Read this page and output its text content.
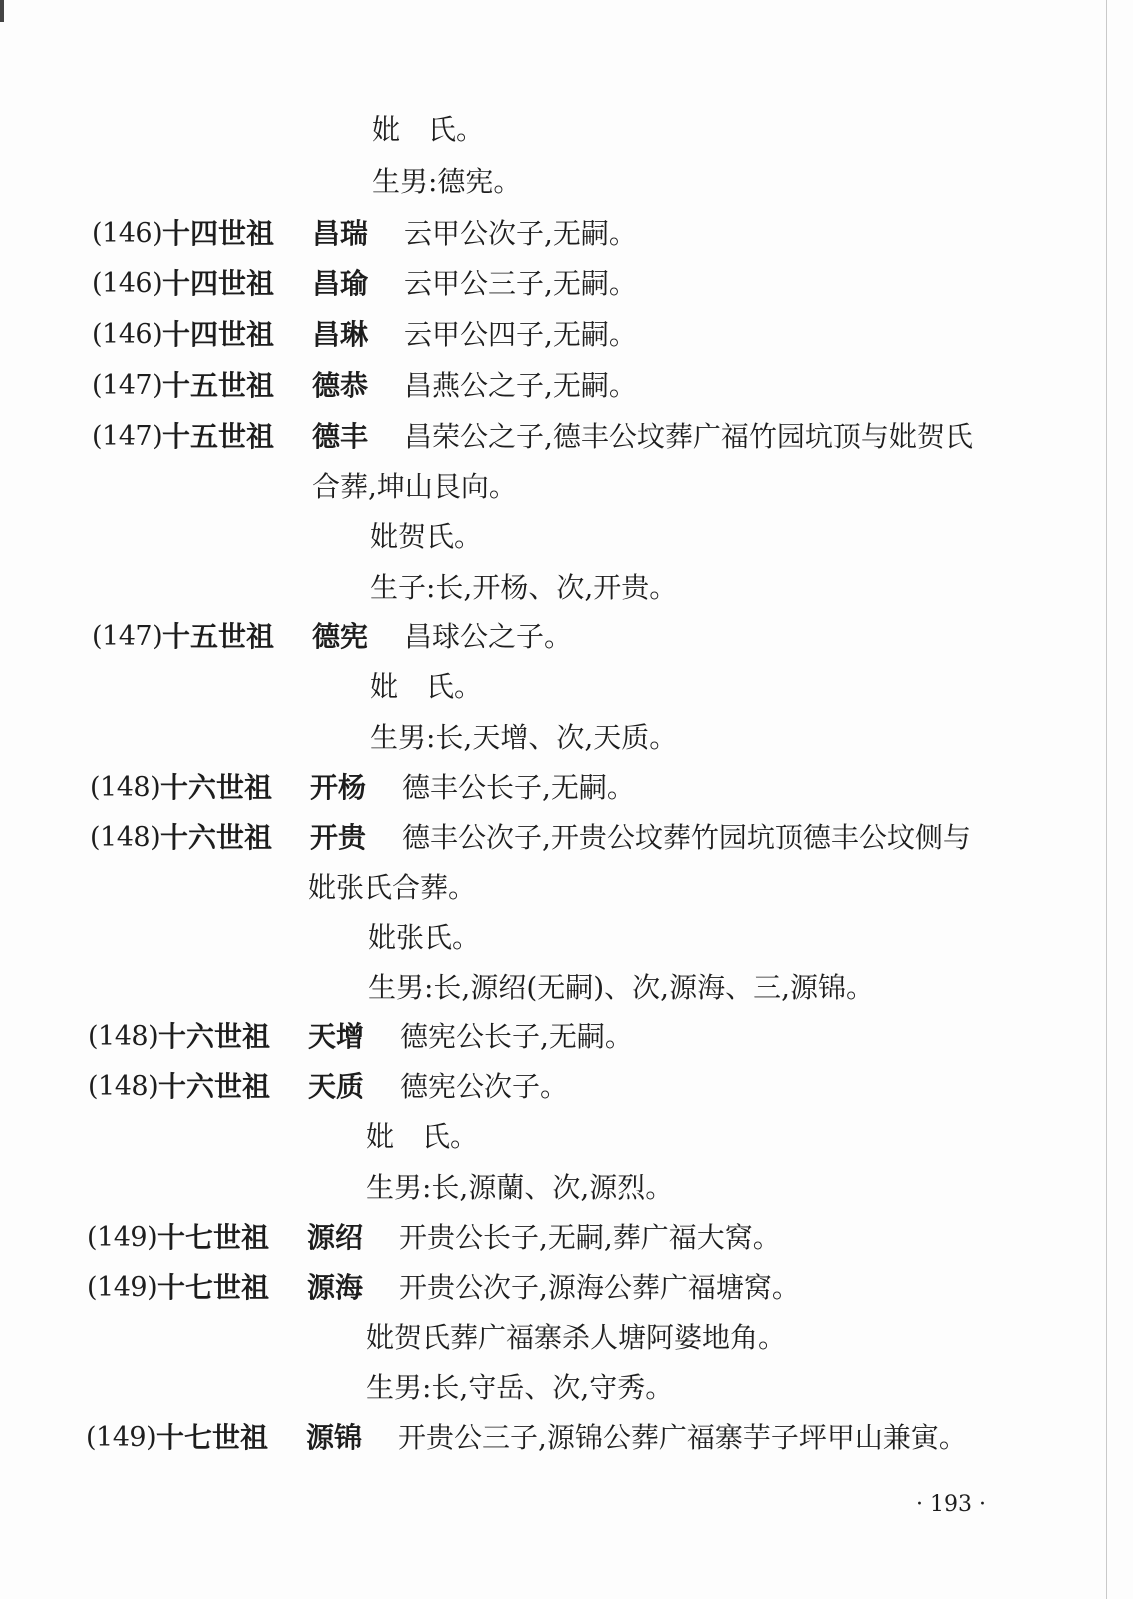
妣　氏。
生男:德宪。
(146) 十四世祖 昌瑞 云甲公次子,无嗣。
(146) 十四世祖 昌瑜 云甲公三子,无嗣。
(146) 十四世祖 昌琳 云甲公四子,无嗣。
(147) 十五世祖 德恭 昌燕公之子,无嗣。
(147) 十五世祖 德丰 昌荣公之子,德丰公坟葬广福竹园坑顶与妣贺氏
合葬,坤山艮向。
妣贺氏。
生子:长,开杨、次,开贵。
(147) 十五世祖 德宪 昌球公之子。
妣　氏。
生男:长,天增、次,天质。
(148) 十六世祖 开杨 德丰公长子,无嗣。
(148) 十六世祖 开贵 德丰公次子,开贵公坟葬竹园坑顶德丰公坟侧与
妣张氏合葬。
妣张氏。
生男:长,源绍(无嗣)、次,源海、三,源锦。
(148) 十六世祖 天增 德宪公长子,无嗣。
(148) 十六世祖 天质 德宪公次子。
妣　氏。
生男:长,源蘭、次,源烈。
(149) 十七世祖 源绍 开贵公长子,无嗣,葬广福大窝。
(149) 十七世祖 源海 开贵公次子,源海公葬广福塘窝。
妣贺氏葬广福寨杀人塘阿婆地角。
生男:长,守岳、次,守秀。
(149) 十七世祖 源锦 开贵公三子,源锦公葬广福寨芋子坪甲山兼寅。
· 193 ·
